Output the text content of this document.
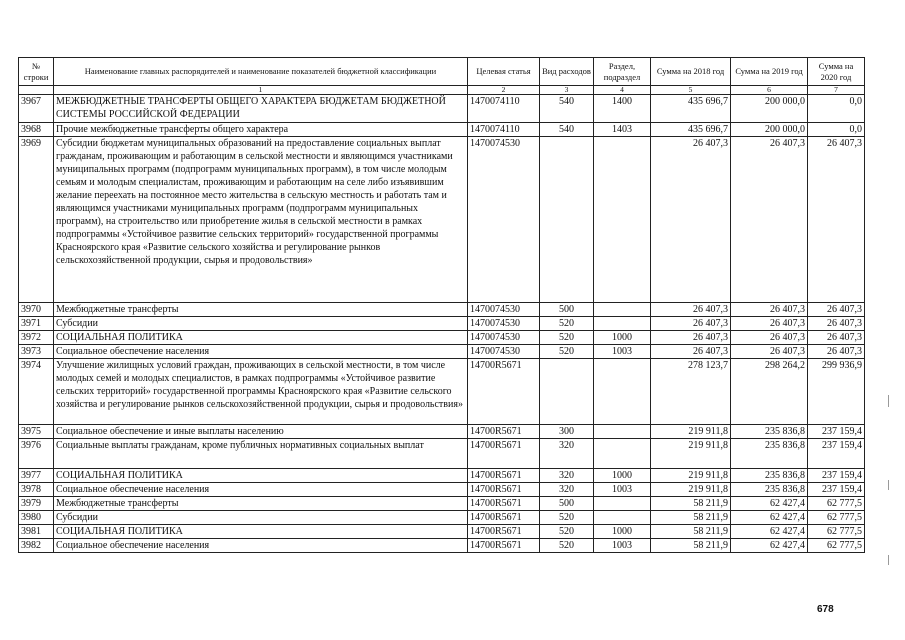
№ строки	Наименование главных распорядителей и наименование показателей бюджетной классификации	Целевая статья	Вид расходов	Раздел, подраздел	Сумма на 2018 год	Сумма на 2019 год	Сумма на 2020 год
	1	2	3	4	5	6	7
3967	МЕЖБЮДЖЕТНЫЕ ТРАНСФЕРТЫ ОБЩЕГО ХАРАКТЕРА БЮДЖЕТАМ БЮДЖЕТНОЙ СИСТЕМЫ РОССИЙСКОЙ ФЕДЕРАЦИИ	1470074110	540	1400	435 696,7	200 000,0	0,0
3968	Прочие межбюджетные трансферты общего характера	1470074110	540	1403	435 696,7	200 000,0	0,0
3969	Субсидии бюджетам муниципальных образований на предоставление социальных выплат гражданам, проживающим и работающим в сельской местности и являющимся участниками муниципальных программ (подпрограмм муниципальных программ), в том числе молодым семьям и молодым специалистам, проживающим и работающим на селе либо изъявившим желание переехать на постоянное место жительства в сельскую местность и работать там и являющимся участниками муниципальных программ (подпрограмм муниципальных программ), на строительство или приобретение жилья в сельской местности в рамках подпрограммы «Устойчивое развитие сельских территорий» государственной программы Красноярского края «Развитие сельского хозяйства и регулирование рынков сельскохозяйственной продукции, сырья и продовольствия»	1470074530			26 407,3	26 407,3	26 407,3
3970	Межбюджетные трансферты	1470074530	500		26 407,3	26 407,3	26 407,3
3971	Субсидии	1470074530	520		26 407,3	26 407,3	26 407,3
3972	СОЦИАЛЬНАЯ ПОЛИТИКА	1470074530	520	1000	26 407,3	26 407,3	26 407,3
3973	Социальное обеспечение населения	1470074530	520	1003	26 407,3	26 407,3	26 407,3
3974	Улучшение жилищных условий граждан, проживающих в сельской местности, в том числе молодых семей и молодых специалистов, в рамках подпрограммы «Устойчивое развитие сельских территорий» государственной программы Красноярского края «Развитие сельского хозяйства и регулирование рынков сельскохозяйственной продукции, сырья и продовольствия»	14700R5671			278 123,7	298 264,2	299 936,9
3975	Социальное обеспечение и иные выплаты населению	14700R5671	300		219 911,8	235 836,8	237 159,4
3976	Социальные выплаты гражданам, кроме публичных нормативных социальных выплат	14700R5671	320		219 911,8	235 836,8	237 159,4
3977	СОЦИАЛЬНАЯ ПОЛИТИКА	14700R5671	320	1000	219 911,8	235 836,8	237 159,4
3978	Социальное обеспечение населения	14700R5671	320	1003	219 911,8	235 836,8	237 159,4
3979	Межбюджетные трансферты	14700R5671	500		58 211,9	62 427,4	62 777,5
3980	Субсидии	14700R5671	520		58 211,9	62 427,4	62 777,5
3981	СОЦИАЛЬНАЯ ПОЛИТИКА	14700R5671	520	1000	58 211,9	62 427,4	62 777,5
3982	Социальное обеспечение населения	14700R5671	520	1003	58 211,9	62 427,4	62 777,5
678
